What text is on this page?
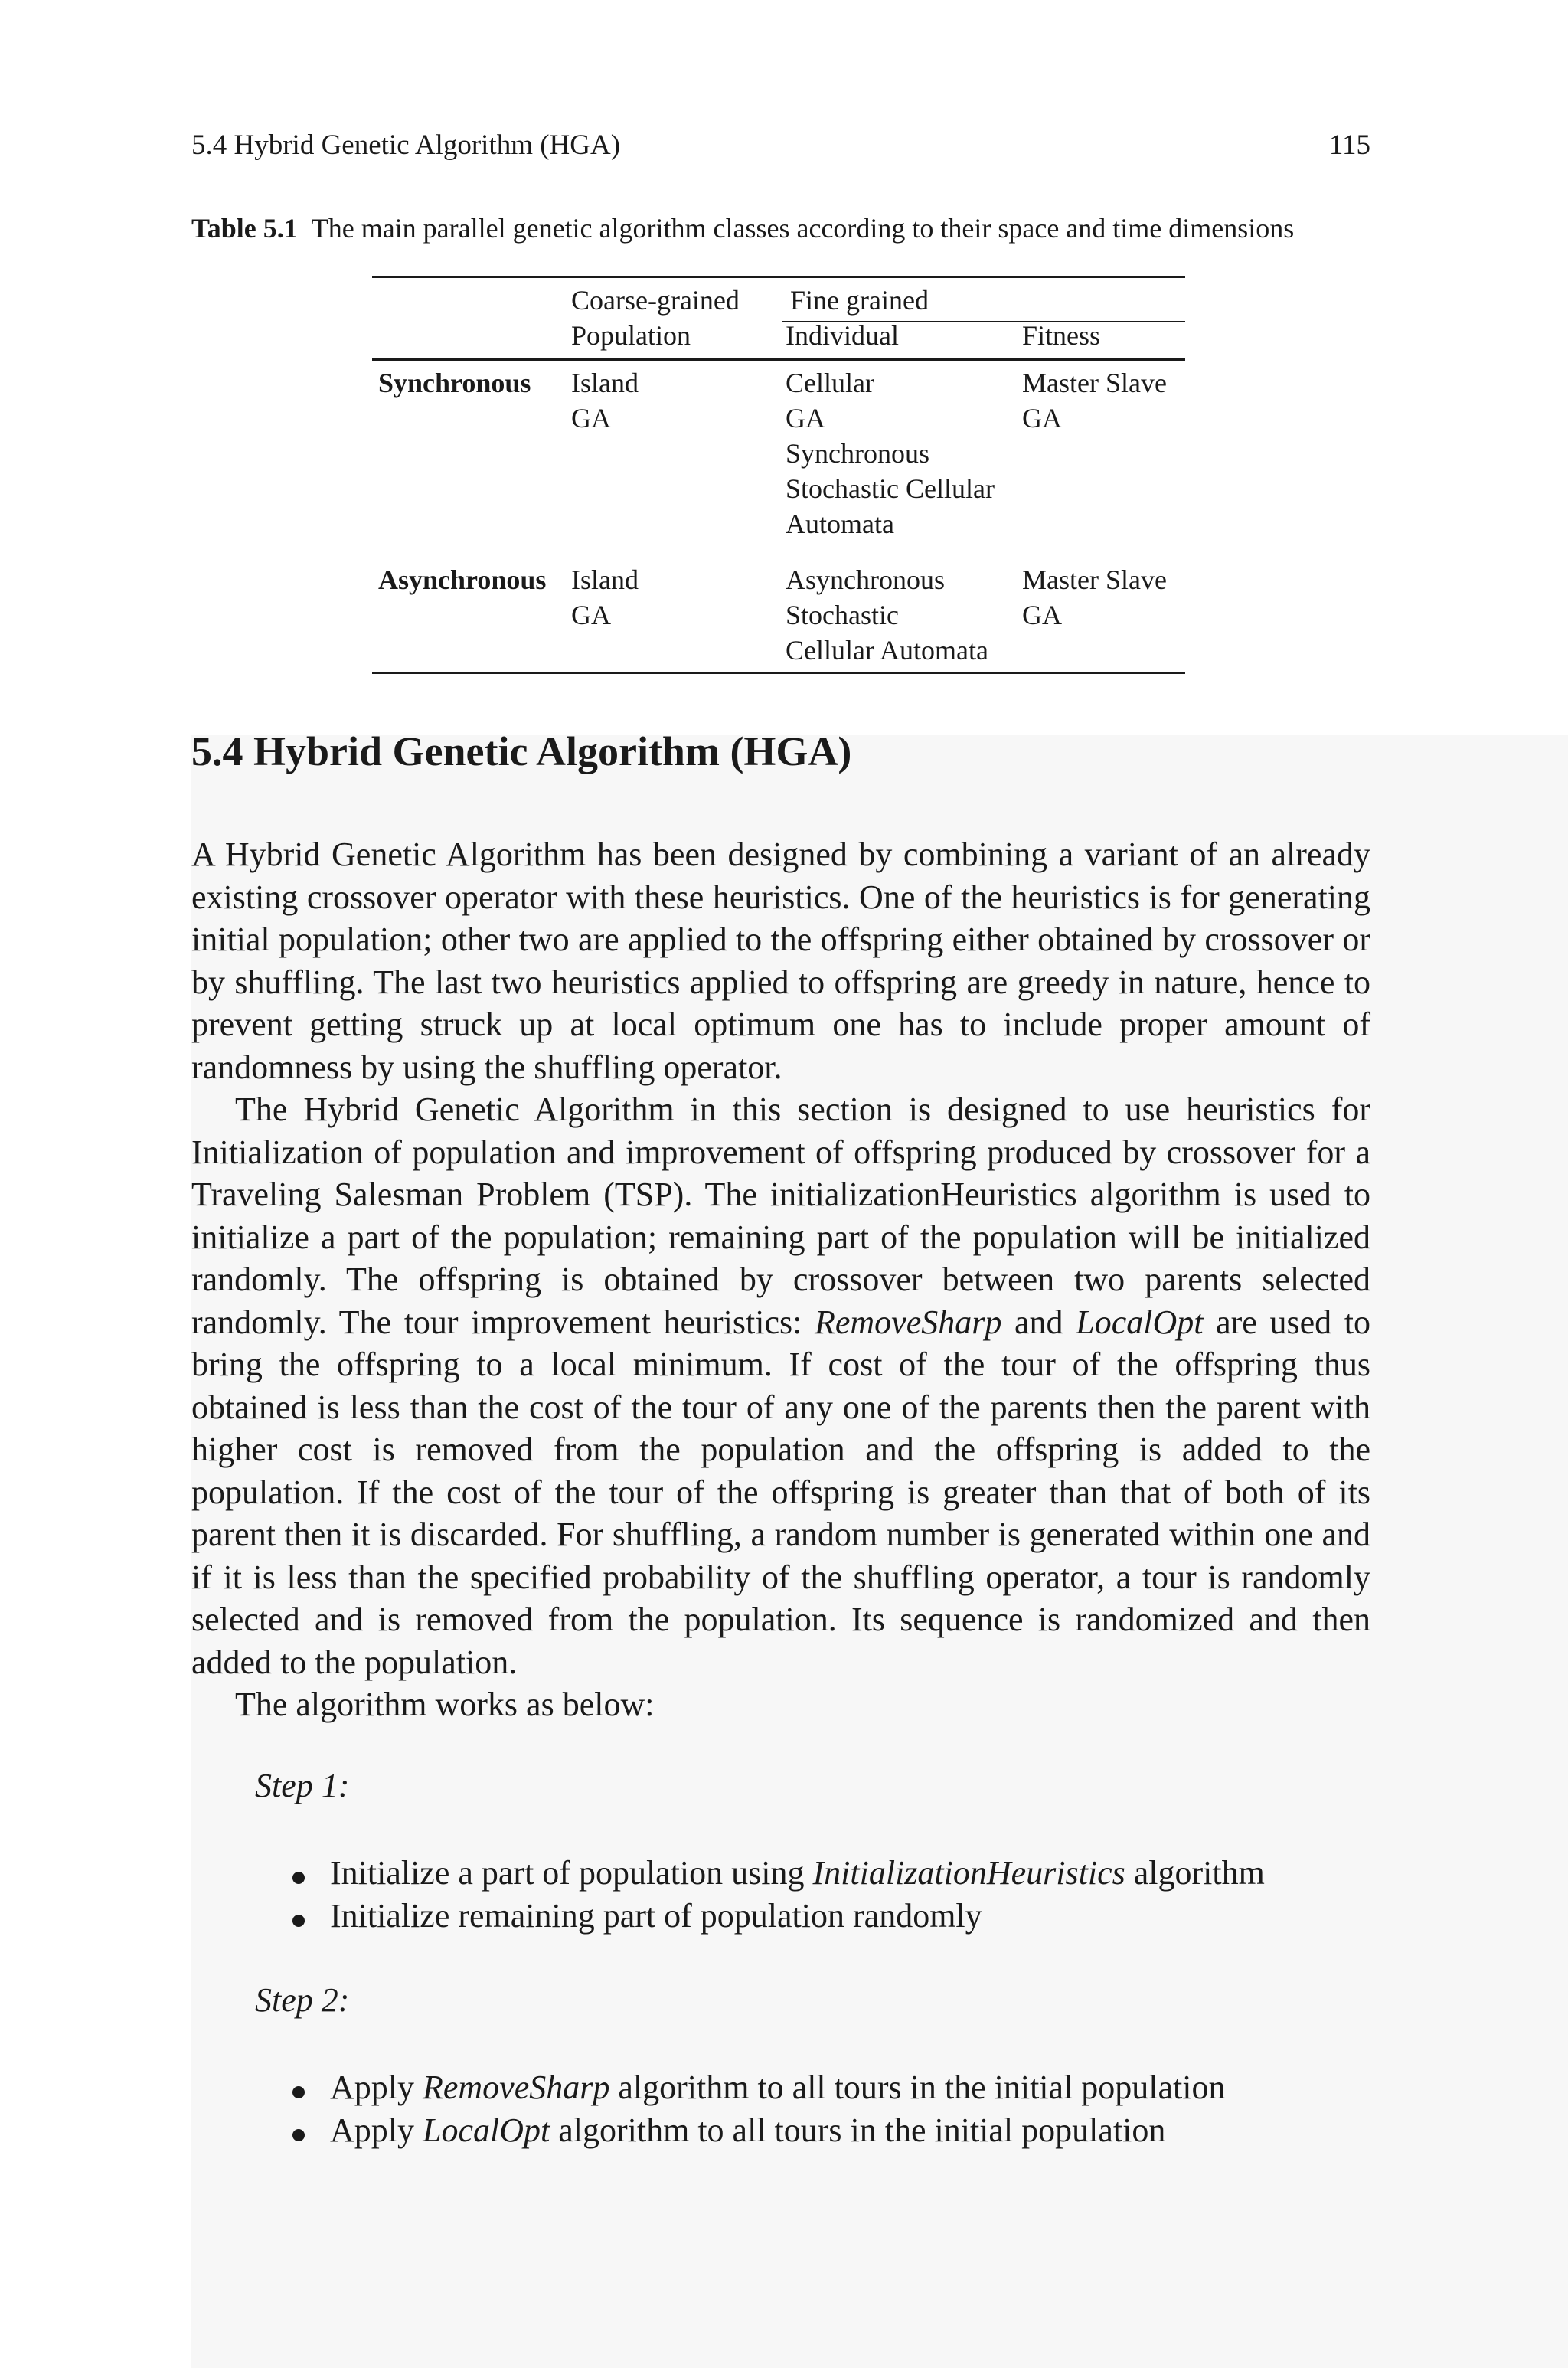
5.4 Hybrid Genetic Algorithm (HGA)	115
Table 5.1 The main parallel genetic algorithm classes according to their space and time dimensions
Coarse-grained
Population
Fine grained
Individual	Fitness
Synchronous Island
GA
Cellular
GA
Synchronous
Stochastic Cellular
Automata
Master Slave
GA
Asynchronous Island
GA
Asynchronous
Stochastic
Cellular Automata
Master Slave
GA
5.4 Hybrid Genetic Algorithm (HGA)

A Hybrid Genetic Algorithm has been designed by combining a variant of an already existing crossover operator with these heuristics. One of the heuristics is for generating initial population; other two are applied to the offspring either obtained by crossover or by shuffling. The last two heuristics applied to offspring are greedy in nature, hence to prevent getting struck up at local optimum one has to include proper amount of randomness by using the shuffling operator.

The Hybrid Genetic Algorithm in this section is designed to use heuristics for Initialization of population and improvement of offspring produced by crossover for a Traveling Salesman Problem (TSP). The initializationHeuristics algorithm is used to initialize a part of the population; remaining part of the population will be initialized randomly. The offspring is obtained by crossover between two parents selected randomly. The tour improvement heuristics: RemoveSharp and LocalOpt are used to bring the offspring to a local minimum. If cost of the tour of the offspring thus obtained is less than the cost of the tour of any one of the parents then the parent with higher cost is removed from the population and the offspring is added to the population. If the cost of the tour of the offspring is greater than that of both of its parent then it is discarded. For shuffling, a random number is generated within one and if it is less than the specified probability of the shuffling operator, a tour is randomly selected and is removed from the population. Its sequence is randomized and then added to the population.

The algorithm works as below:

Step 1:
Initialize a part of population using InitializationHeuristics algorithm
Initialize remaining part of population randomly
Step 2:
Apply RemoveSharp algorithm to all tours in the initial population
Apply LocalOpt algorithm to all tours in the initial population
